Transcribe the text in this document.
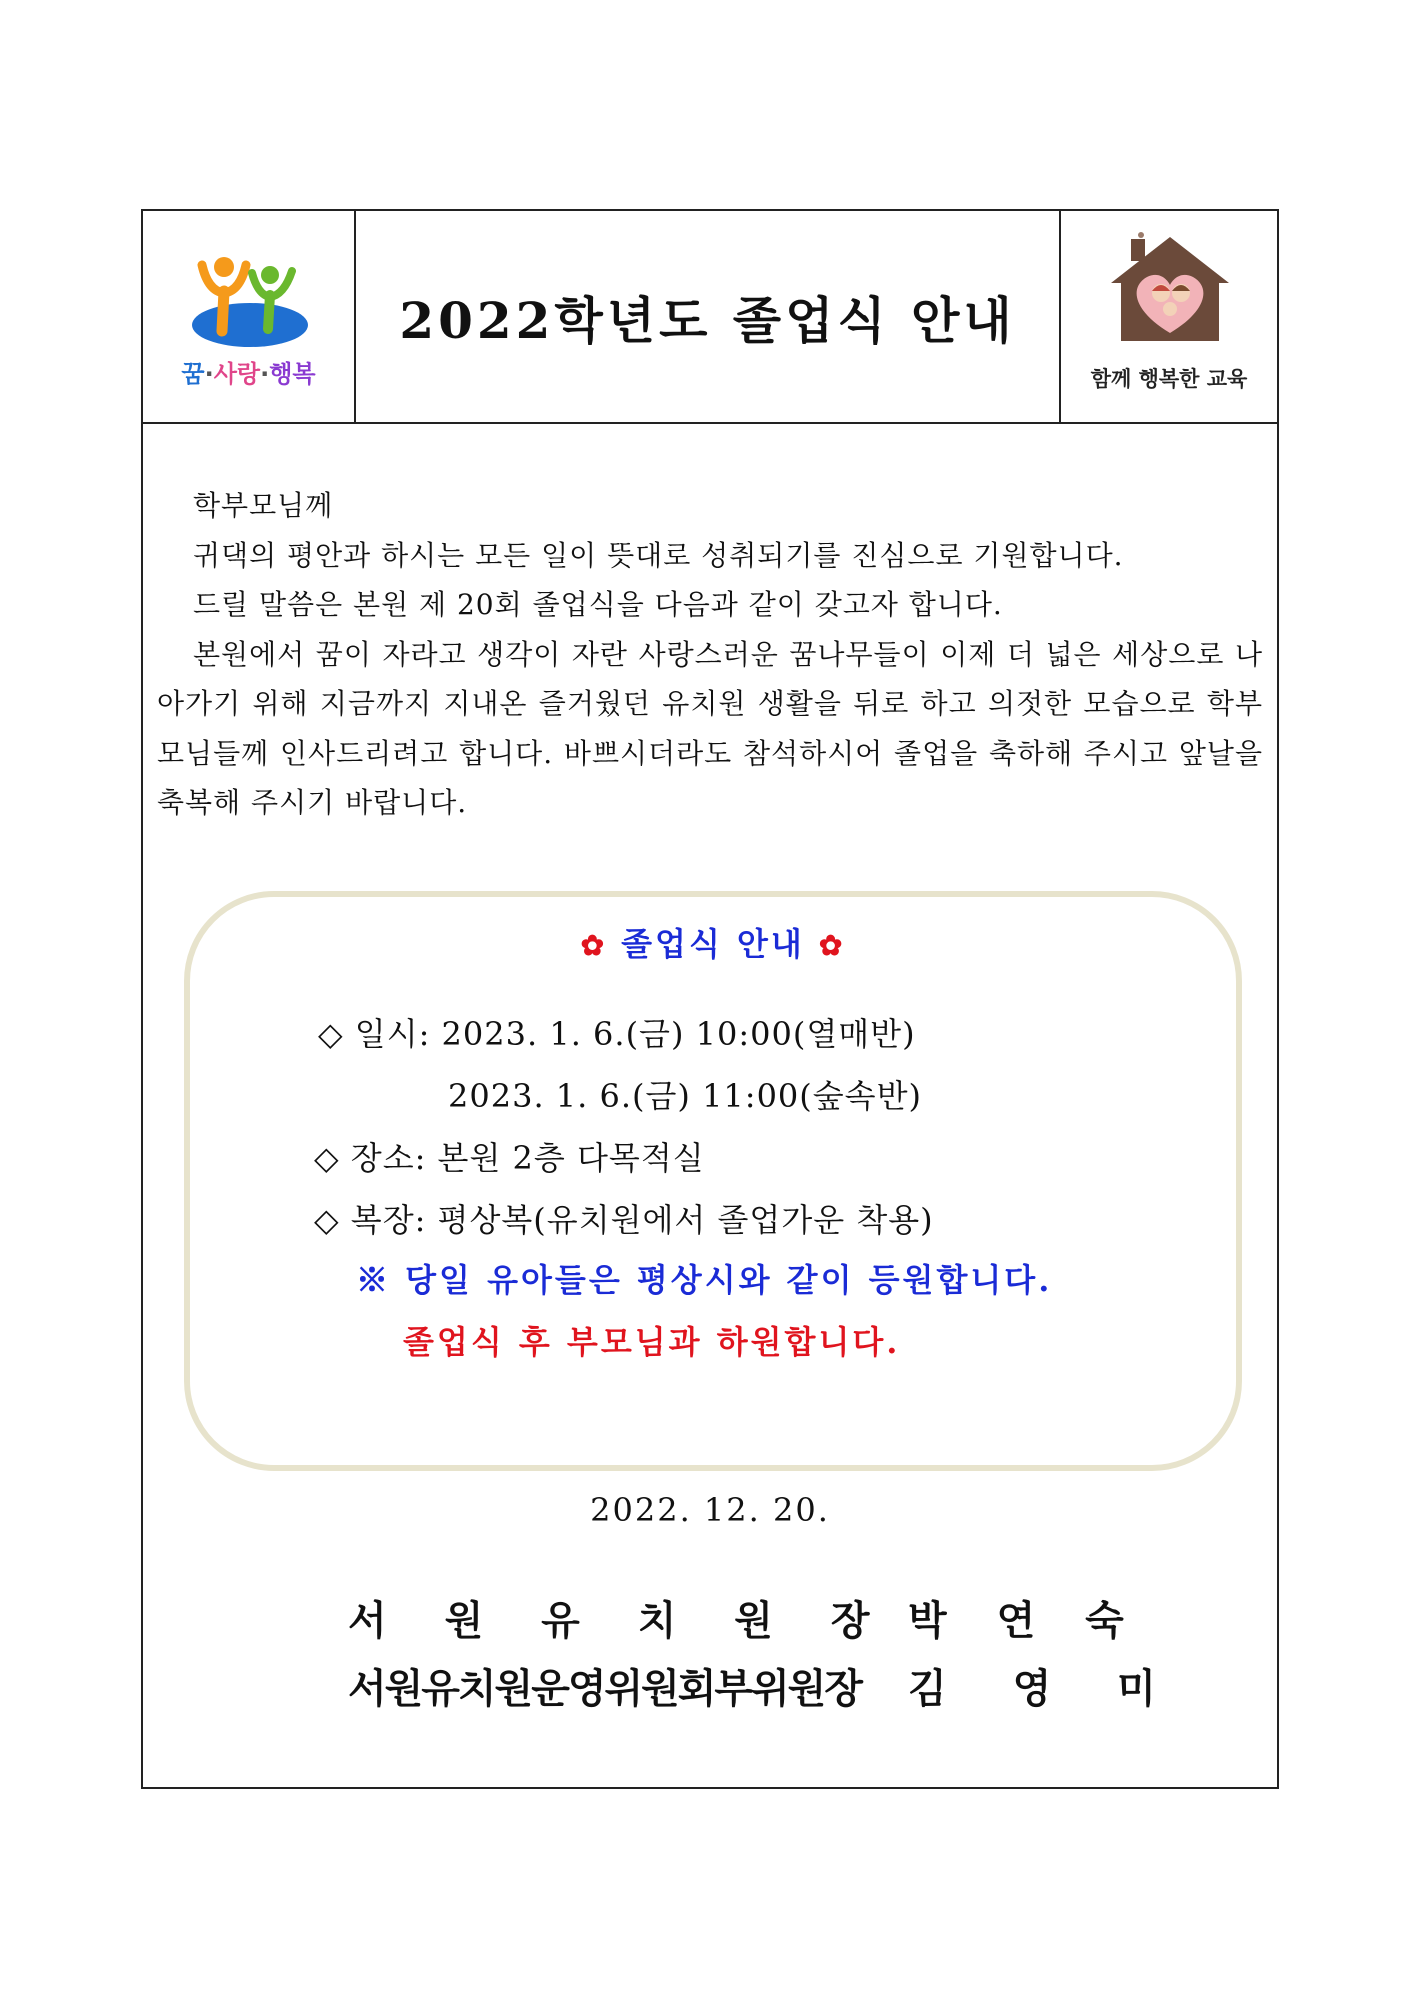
꿈·사랑·행복
2022학년도 졸업식 안내
함께 행복한 교육

학부모님께

귀댁의 평안과 하시는 모든 일이 뜻대로 성취되기를 진심으로 기원합니다.

드릴 말씀은 본원 제 20회 졸업식을 다음과 같이 갖고자 합니다.

본원에서 꿈이 자라고 생각이 자란 사랑스러운 꿈나무들이 이제 더 넓은 세상으로 나아가기 위해 지금까지 지내온 즐거웠던 유치원 생활을 뒤로 하고 의젓한 모습으로 학부모님들께 인사드리려고 합니다. 바쁘시더라도 참석하시어 졸업을 축하해 주시고 앞날을 축복해 주시기 바랍니다.

✿ 졸업식 안내 ✿
◇ 일시: 2023. 1. 6.(금) 10:00(열매반)
2023. 1. 6.(금) 11:00(숲속반)
◇ 장소: 본원 2층 다목적실
◇ 복장: 평상복(유치원에서 졸업가운 착용)
※ 당일 유아들은 평상시와 같이 등원합니다.
졸업식 후 부모님과 하원합니다.
2022. 12. 20.
서 원 유 치 원 장 박 연 숙
서원유치원운영위원회부위원장 김 영 미
